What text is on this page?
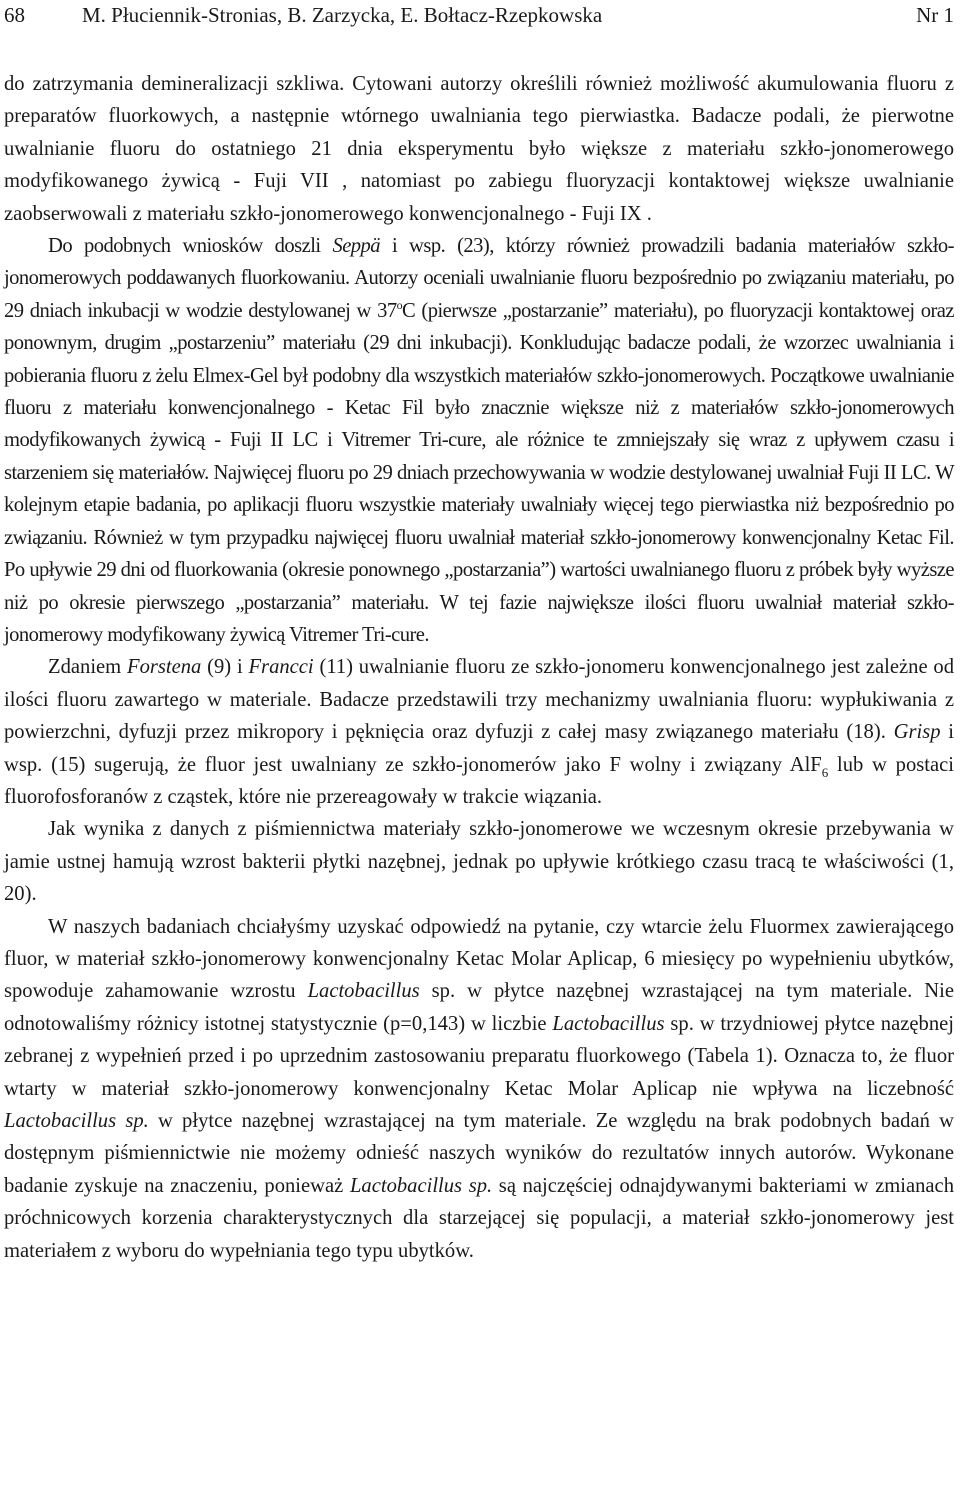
68	M. Płuciennik-Stronias, B. Zarzycka, E. Bołtacz-Rzepkowska	Nr 1

do zatrzymania demineralizacji szkliwa. Cytowani autorzy określili również możliwość akumulowania fluoru z preparatów fluorkowych, a następnie wtórnego uwalniania tego pierwiastka. Badacze podali, że pierwotne uwalnianie fluoru do ostatniego 21 dnia eksperymentu było większe z materiału szkło-jonomerowego modyfikowanego żywicą - Fuji VII , natomiast po zabiegu fluoryzacji kontaktowej większe uwalnianie zaobserwowali z materiału szkło-jonomerowego konwencjonalnego - Fuji IX .

Do podobnych wniosków doszli Seppä i wsp. (23), którzy również prowadzili badania materiałów szkło-jonomerowych poddawanych fluorkowaniu. Autorzy oceniali uwalnianie fluoru bezpośrednio po związaniu materiału, po 29 dniach inkubacji w wodzie destylowanej w 37$^o$C (pierwsze „postarzanie” materiału), po fluoryzacji kontaktowej oraz ponownym, drugim „postarzeniu” materiału (29 dni inkubacji). Konkludując badacze podali, że wzorzec uwalniania i pobierania fluoru z żelu Elmex-Gel był podobny dla wszystkich materiałów szkło-jonomerowych. Początkowe uwalnianie fluoru z materiału konwencjonalnego - Ketac Fil było znacznie większe niż z materiałów szkło-jonomerowych modyfikowanych żywicą - Fuji II LC i Vitremer Tri-cure, ale różnice te zmniejszały się wraz z upływem czasu i starzeniem się materiałów. Najwięcej fluoru po 29 dniach przechowywania w wodzie destylowanej uwalniał Fuji II LC. W kolejnym etapie badania, po aplikacji fluoru wszystkie materiały uwalniały więcej tego pierwiastka niż bezpośrednio po związaniu. Również w tym przypadku najwięcej fluoru uwalniał materiał szkło-jonomerowy konwencjonalny Ketac Fil. Po upływie 29 dni od fluorkowania (okresie ponownego „postarzania”) wartości uwalnianego fluoru z próbek były wyższe niż po okresie pierwszego „postarzania” materiału. W tej fazie największe ilości fluoru uwalniał materiał szkło-jonomerowy modyfikowany żywicą Vitremer Tri-cure.

Zdaniem Forstena (9) i Francci (11) uwalnianie fluoru ze szkło-jonomeru konwencjonalnego jest zależne od ilości fluoru zawartego w materiale. Badacze przedstawili trzy mechanizmy uwalniania fluoru: wypłukiwania z powierzchni, dyfuzji przez mikropory i pęknięcia oraz dyfuzji z całej masy związanego materiału (18). Grisp i wsp. (15) sugerują, że fluor jest uwalniany ze szkło-jonomerów jako F wolny i związany AlF$_6$ lub w postaci fluorofosforanów z cząstek, które nie przereagowały w trakcie wiązania.

Jak wynika z danych z piśmiennictwa materiały szkło-jonomerowe we wczesnym okresie przebywania w jamie ustnej hamują wzrost bakterii płytki nazębnej, jednak po upływie krótkiego czasu tracą te właściwości (1, 20).

W naszych badaniach chciałyśmy uzyskać odpowiedź na pytanie, czy wtarcie żelu Fluormex zawierającego fluor, w materiał szkło-jonomerowy konwencjonalny Ketac Molar Aplicap, 6 miesięcy po wypełnieniu ubytków, spowoduje zahamowanie wzrostu Lactobacillus sp. w płytce nazębnej wzrastającej na tym materiale. Nie odnotowaliśmy różnicy istotnej statystycznie (p=0,143) w liczbie Lactobacillus sp. w trzydniowej płytce nazębnej zebranej z wypełnień przed i po uprzednim zastosowaniu preparatu fluorkowego (Tabela 1). Oznacza to, że fluor wtarty w materiał szkło-jonomerowy konwencjonalny Ketac Molar Aplicap nie wpływa na liczebność Lactobacillus sp. w płytce nazębnej wzrastającej na tym materiale. Ze względu na brak podobnych badań w dostępnym piśmiennictwie nie możemy odnieść naszych wyników do rezultatów innych autorów. Wykonane badanie zyskuje na znaczeniu, ponieważ Lactobacillus sp. są najczęściej odnajdywanymi bakteriami w zmianach próchnicowych korzenia charakterystycznych dla starzejącej się populacji, a materiał szkło-jonomerowy jest materiałem z wyboru do wypełniania tego typu ubytków.
